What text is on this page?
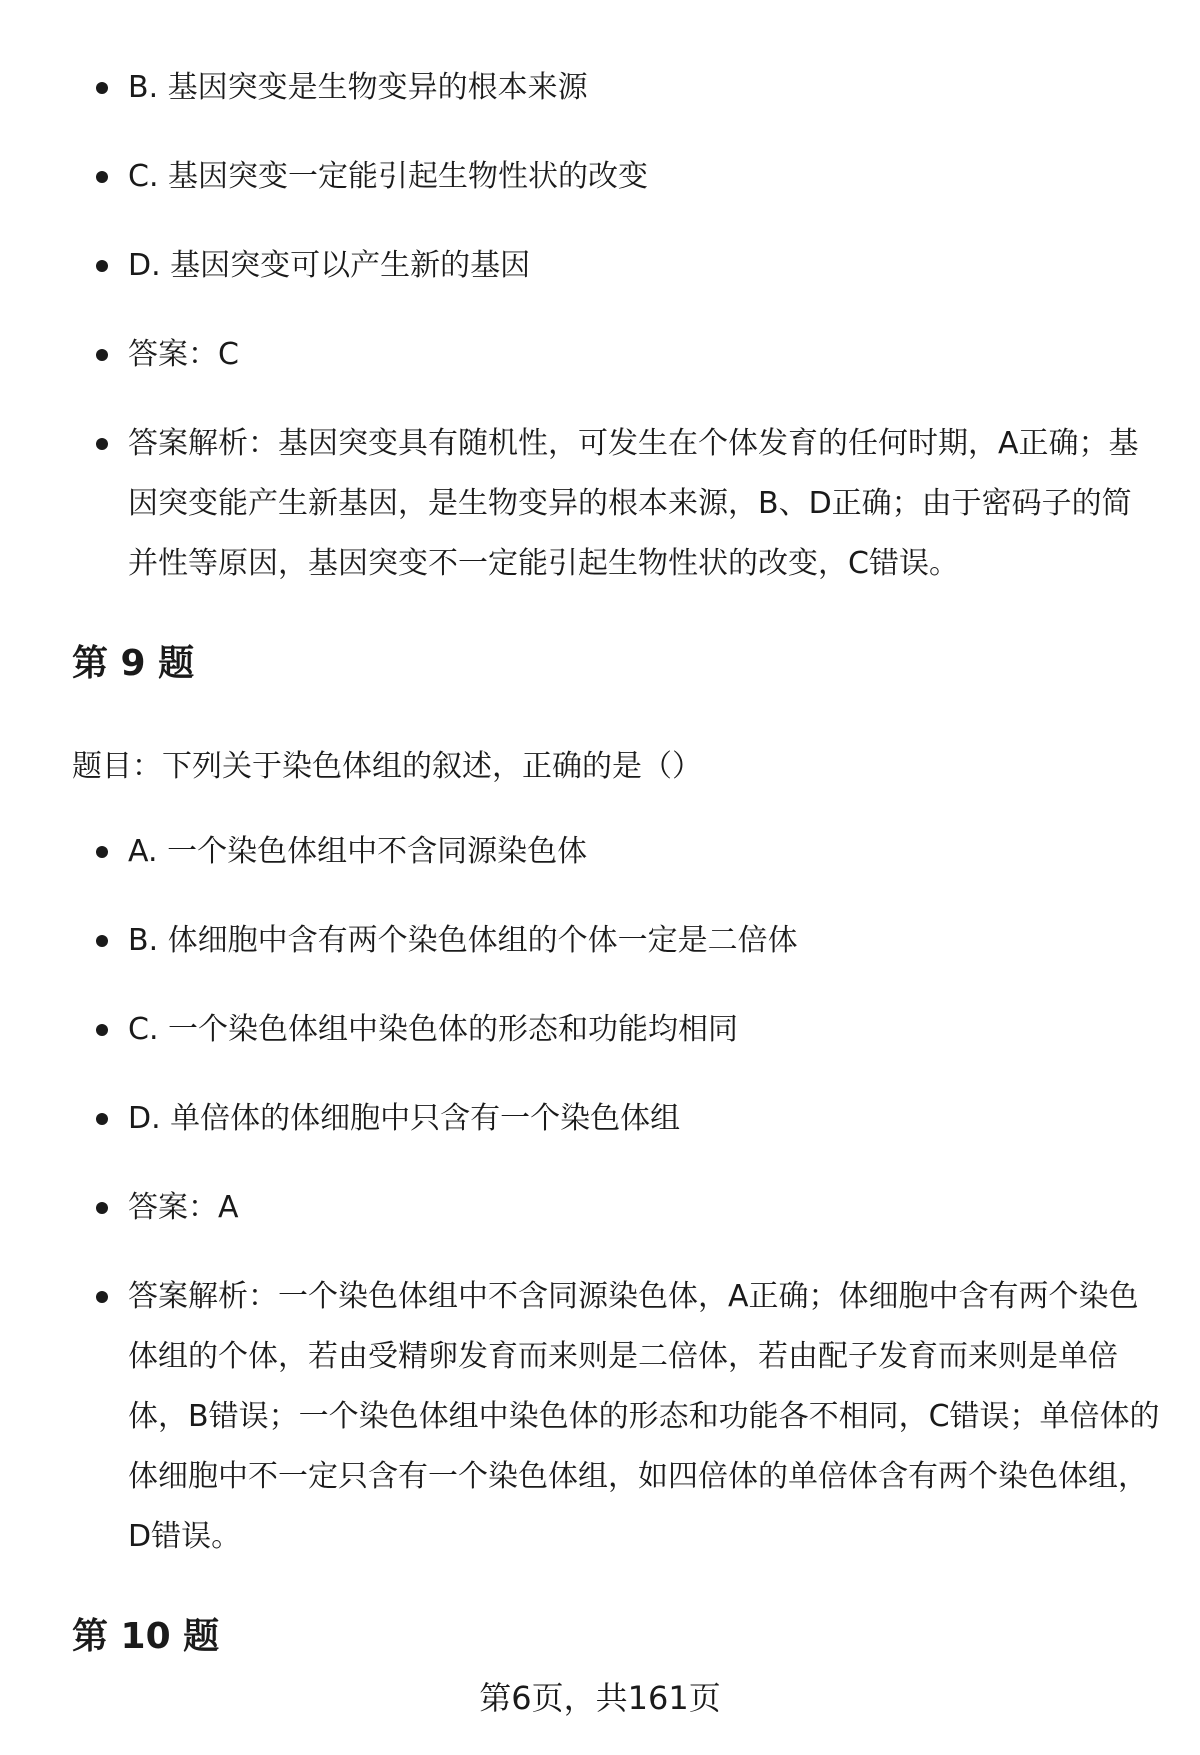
B. 基因突变是生物变异的根本来源
C. 基因突变一定能引起生物性状的改变
D. 基因突变可以产生新的基因
答案：C
答案解析：基因突变具有随机性，可发生在个体发育的任何时期，A正确；基因突变能产生新基因，是生物变异的根本来源，B、D正确；由于密码子的简并性等原因，基因突变不一定能引起生物性状的改变，C错误。
第 9 题
题目：下列关于染色体组的叙述，正确的是（）
A. 一个染色体组中不含同源染色体
B. 体细胞中含有两个染色体组的个体一定是二倍体
C. 一个染色体组中染色体的形态和功能均相同
D. 单倍体的体细胞中只含有一个染色体组
答案：A
答案解析：一个染色体组中不含同源染色体，A正确；体细胞中含有两个染色体组的个体，若由受精卵发育而来则是二倍体，若由配子发育而来则是单倍体，B错误；一个染色体组中染色体的形态和功能各不相同，C错误；单倍体的体细胞中不一定只含有一个染色体组，如四倍体的单倍体含有两个染色体组，D错误。
第 10 题
第6页，共161页
